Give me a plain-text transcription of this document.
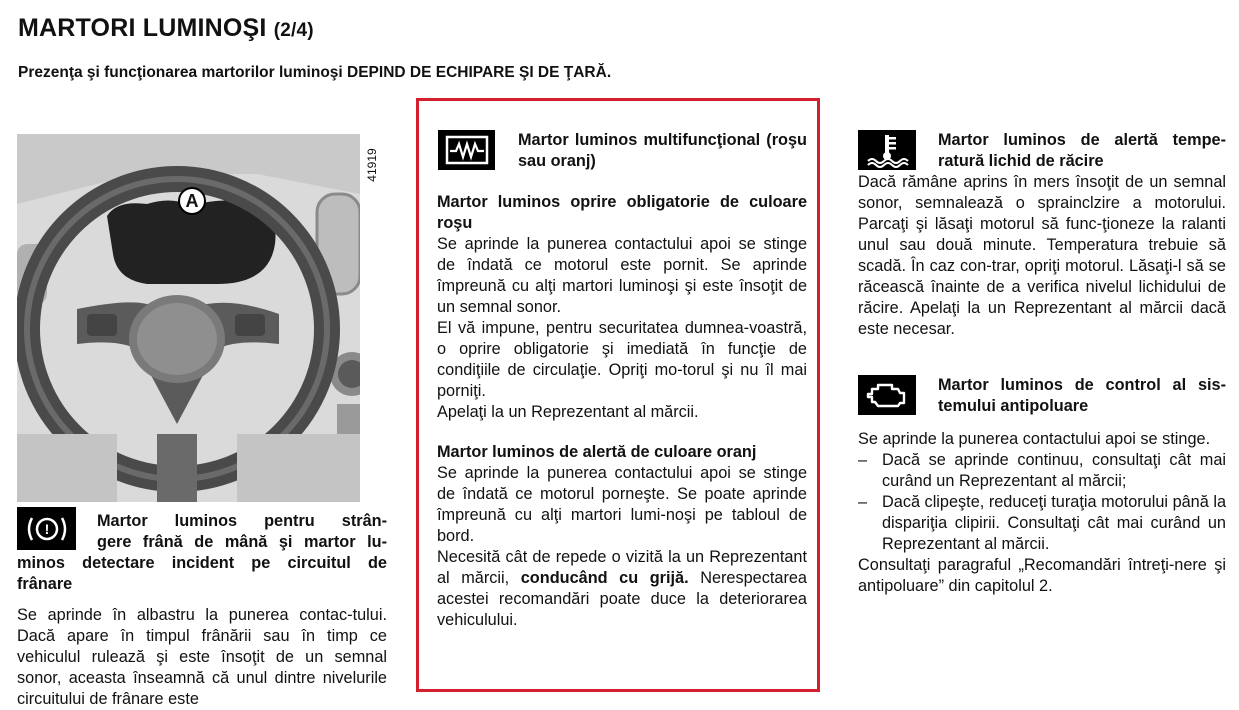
MARTORI LUMINOŞI (2/4)
Prezenţa şi funcţionarea martorilor luminoşi DEPIND DE ECHIPARE ŞI DE ŢARĂ.
A
41919
!	Martor luminos pentru strân-
gere frână de mână şi martor lu-
minos detectare incident pe circuitul de
frânare

Se aprinde în albastru la punerea contac-tului. Dacă apare în timpul frânării sau în timp ce vehiculul rulează şi este însoţit de un semnal sonor, aceasta înseamnă că unul dintre nivelurile circuitului de frânare este

Martor luminos multifuncţional (roşu sau oranj)
Martor luminos oprire obligatorie de culoare roşu

Se aprinde la punerea contactului apoi se stinge de îndată ce motorul este pornit. Se aprinde împreună cu alţi martori luminoşi şi este însoţit de un semnal sonor.

El vă impune, pentru securitatea dumnea-voastră, o oprire obligatorie şi imediată în funcţie de condiţiile de circulaţie. Opriţi mo-torul şi nu îl mai porniţi.

Apelaţi la un Reprezentant al mărcii.

Martor luminos de alertă de culoare oranj

Se aprinde la punerea contactului apoi se stinge de îndată ce motorul porneşte. Se poate aprinde împreună cu alţi martori lumi-noşi pe tabloul de bord.

Necesită cât de repede o vizită la un Reprezentant al mărcii, conducând cu grijă. Nerespectarea acestei recomandări poate duce la deteriorarea vehiculului.

Martor luminos de alertă tempe-ratură lichid de răcire

Dacă rămâne aprins în mers însoţit de un semnal sonor, semnalează o sprainclzire a motorului. Parcaţi şi lăsaţi motorul să func-ţioneze la ralanti unul sau două minute. Temperatura trebuie să scadă. În caz con-trar, opriţi motorul. Lăsaţi-l să se răcească înainte de a verifica nivelul lichidului de răcire. Apelaţi la un Reprezentant al mărcii dacă este necesar.

Martor luminos de control al sis-temului antipoluare

Se aprinde la punerea contactului apoi se stinge.

– Dacă se aprinde continuu, consultaţi cât mai curând un Reprezentant al mărcii;
– Dacă clipeşte, reduceţi turaţia motorului până la dispariţia clipirii. Consultaţi cât mai curând un Reprezentant al mărcii.

Consultaţi paragraful „Recomandări întreţi-nere şi antipoluare” din capitolul 2.
